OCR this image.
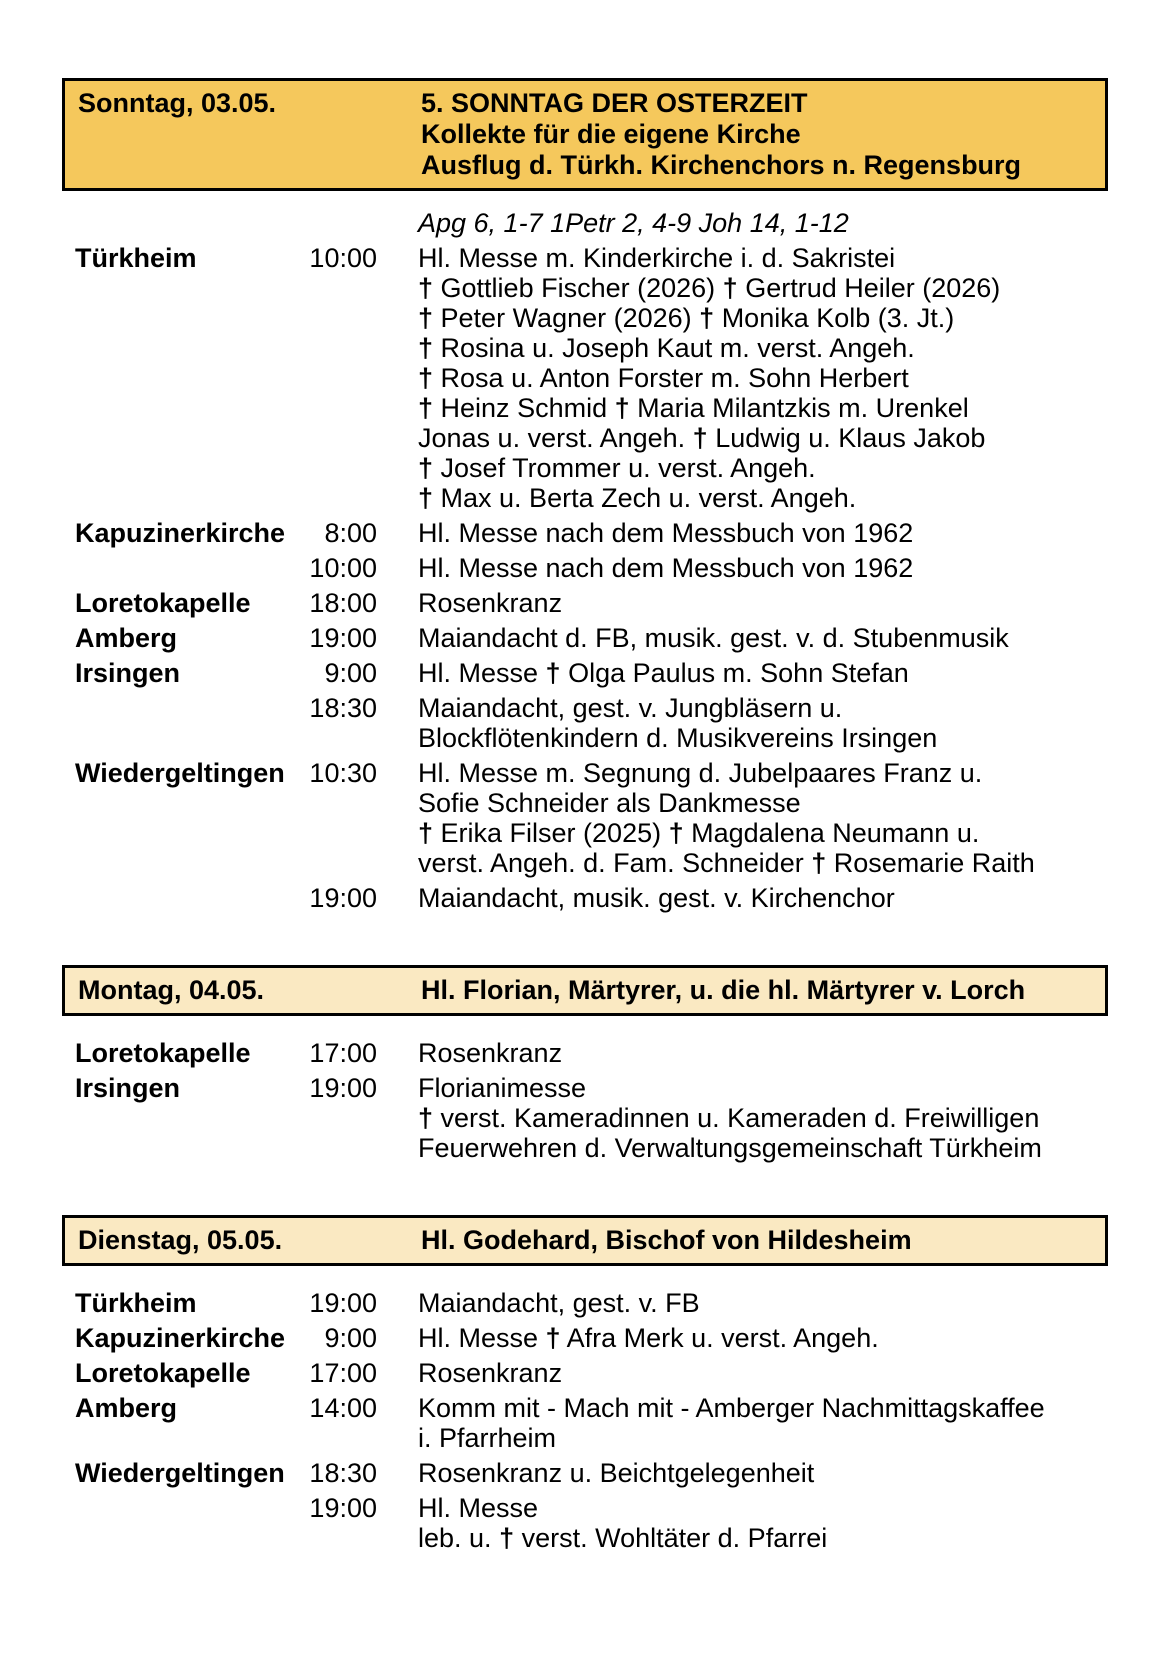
Sonntag, 03.05.	5. SONNTAG DER OSTERZEIT
Kollekte für die eigene Kirche
Ausflug d. Türkh. Kirchenchors n. Regensburg
Apg 6, 1-7 1Petr 2, 4-9 Joh 14, 1-12
Türkheim	10:00 Hl. Messe m. Kinderkirche i. d. Sakristei
† Gottlieb Fischer (2026) † Gertrud Heiler (2026)
† Peter Wagner (2026) † Monika Kolb (3. Jt.)
† Rosina u. Joseph Kaut m. verst. Angeh.
† Rosa u. Anton Forster m. Sohn Herbert
† Heinz Schmid † Maria Milantzkis m. Urenkel
Jonas u. verst. Angeh. † Ludwig u. Klaus Jakob
† Josef Trommer u. verst. Angeh.
† Max u. Berta Zech u. verst. Angeh.
Kapuzinerkirche	8:00 Hl. Messe nach dem Messbuch von 1962
10:00 Hl. Messe nach dem Messbuch von 1962
Loretokapelle	18:00 Rosenkranz
Amberg	19:00 Maiandacht d. FB, musik. gest. v. d. Stubenmusik
Irsingen	9:00 Hl. Messe † Olga Paulus m. Sohn Stefan
18:30 Maiandacht, gest. v. Jungbläsern u.
Blockflötenkindern d. Musikvereins Irsingen
Wiedergeltingen 10:30 Hl. Messe m. Segnung d. Jubelpaares Franz u.
Sofie Schneider als Dankmesse
† Erika Filser (2025) † Magdalena Neumann u.
verst. Angeh. d. Fam. Schneider † Rosemarie Raith
19:00 Maiandacht, musik. gest. v. Kirchenchor
Montag, 04.05.	Hl. Florian, Märtyrer, u. die hl. Märtyrer v. Lorch
Loretokapelle	17:00 Rosenkranz
Irsingen	19:00 Florianimesse
† verst. Kameradinnen u. Kameraden d. Freiwilligen
Feuerwehren d. Verwaltungsgemeinschaft Türkheim
Dienstag, 05.05.	Hl. Godehard, Bischof von Hildesheim
Türkheim	19:00 Maiandacht, gest. v. FB
Kapuzinerkirche	9:00 Hl. Messe † Afra Merk u. verst. Angeh.
Loretokapelle	17:00 Rosenkranz
Amberg	14:00 Komm mit - Mach mit - Amberger Nachmittagskaffee
i. Pfarrheim
Wiedergeltingen 18:30 Rosenkranz u. Beichtgelegenheit
19:00 Hl. Messe
leb. u. † verst. Wohltäter d. Pfarrei
